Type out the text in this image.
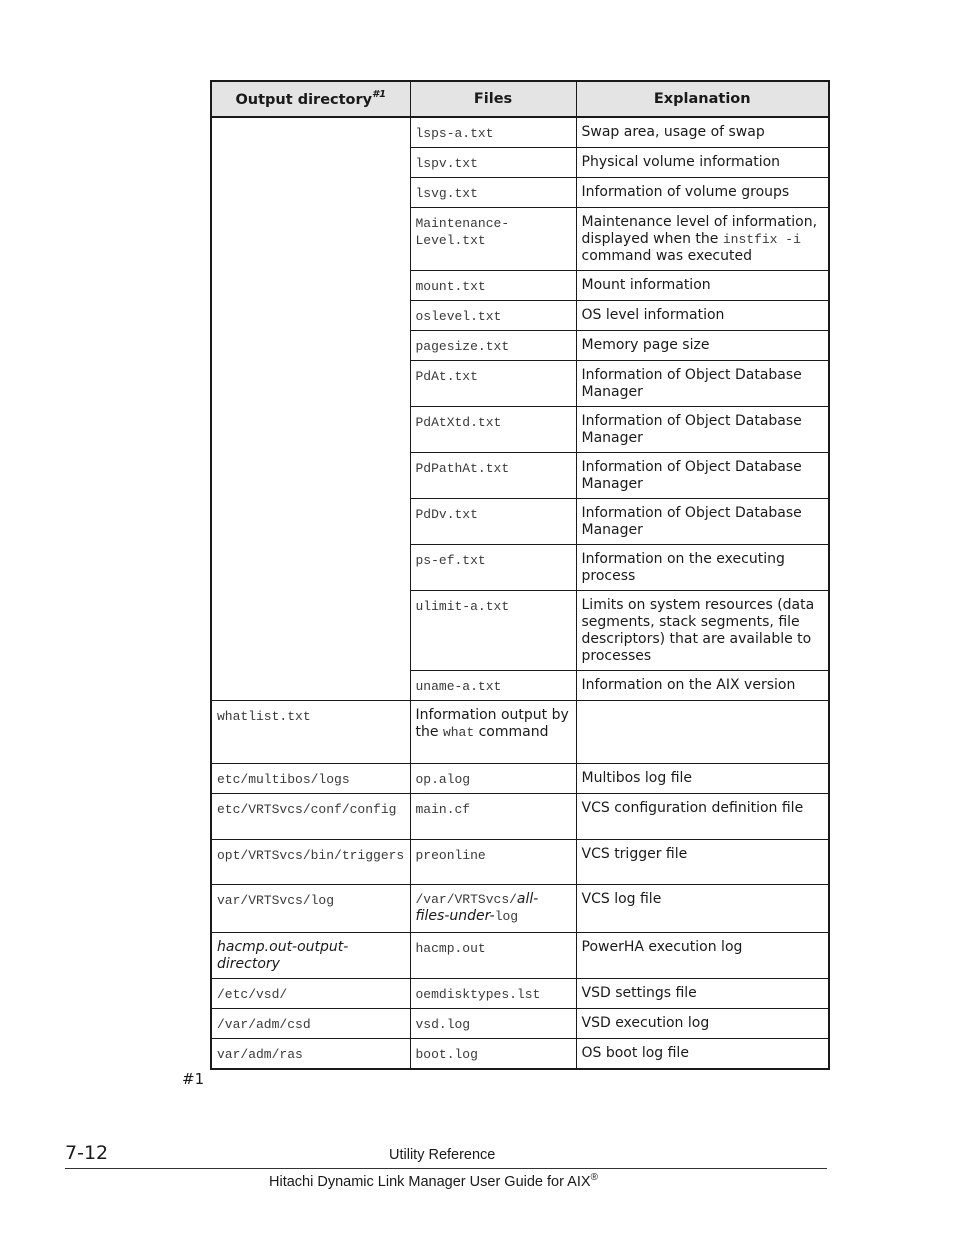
Output directory$^{\#1}$	Files	Explanation
	lsps-a.txt	Swap area, usage of swap
	lspv.txt	Physical volume information
	lsvg.txt	Information of volume groups
	Maintenance-Level.txt	Maintenance level of information, displayed when the instfix -i command was executed
	mount.txt	Mount information
	oslevel.txt	OS level information
	pagesize.txt	Memory page size
	PdAt.txt	Information of Object Database Manager
	PdAtXtd.txt	Information of Object Database Manager
	PdPathAt.txt	Information of Object Database Manager
	PdDv.txt	Information of Object Database Manager
	ps-ef.txt	Information on the executing process
	ulimit-a.txt	Limits on system resources (data segments, stack segments, file descriptors) that are available to processes
	uname-a.txt	Information on the AIX version
whatlist.txt	Information output by the what command	
etc/multibos/logs	op.alog	Multibos log file
etc/VRTSvcs/conf/config	main.cf	VCS configuration definition file
opt/VRTSvcs/bin/triggers	preonline	VCS trigger file
var/VRTSvcs/log	/var/VRTSvcs/all-files-under-log	VCS log file
hacmp.out-output-directory	hacmp.out	PowerHA execution log
/etc/vsd/	oemdisktypes.lst	VSD settings file
/var/adm/csd	vsd.log	VSD execution log
var/adm/ras	boot.log	OS boot log file
#1
7-12	Utility Reference
Hitachi Dynamic Link Manager User Guide for AIX®
